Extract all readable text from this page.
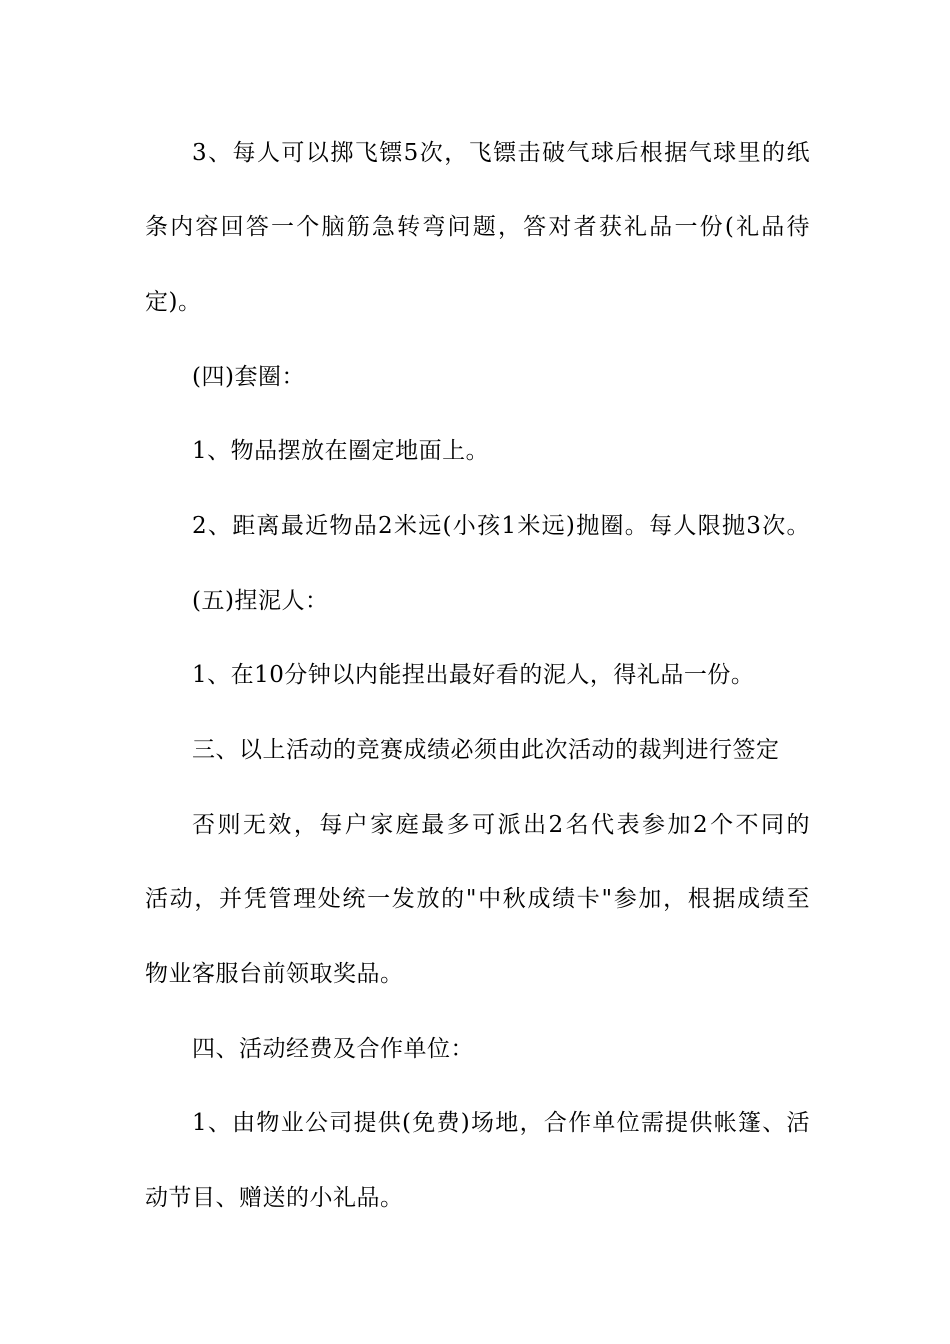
3、每人可以掷飞镖5次，飞镖击破气球后根据气球里的纸
条内容回答一个脑筋急转弯问题，答对者获礼品一份(礼品待
定)。
(四)套圈：
1、物品摆放在圈定地面上。
2、距离最近物品2米远(小孩1米远)抛圈。每人限抛3次。
(五)捏泥人：
1、在10分钟以内能捏出最好看的泥人，得礼品一份。
三、以上活动的竞赛成绩必须由此次活动的裁判进行签定
否则无效，每户家庭最多可派出2名代表参加2个不同的
活动，并凭管理处统一发放的"中秋成绩卡"参加，根据成绩至
物业客服台前领取奖品。
四、活动经费及合作单位：
1、由物业公司提供(免费)场地，合作单位需提供帐篷、活
动节目、赠送的小礼品。
